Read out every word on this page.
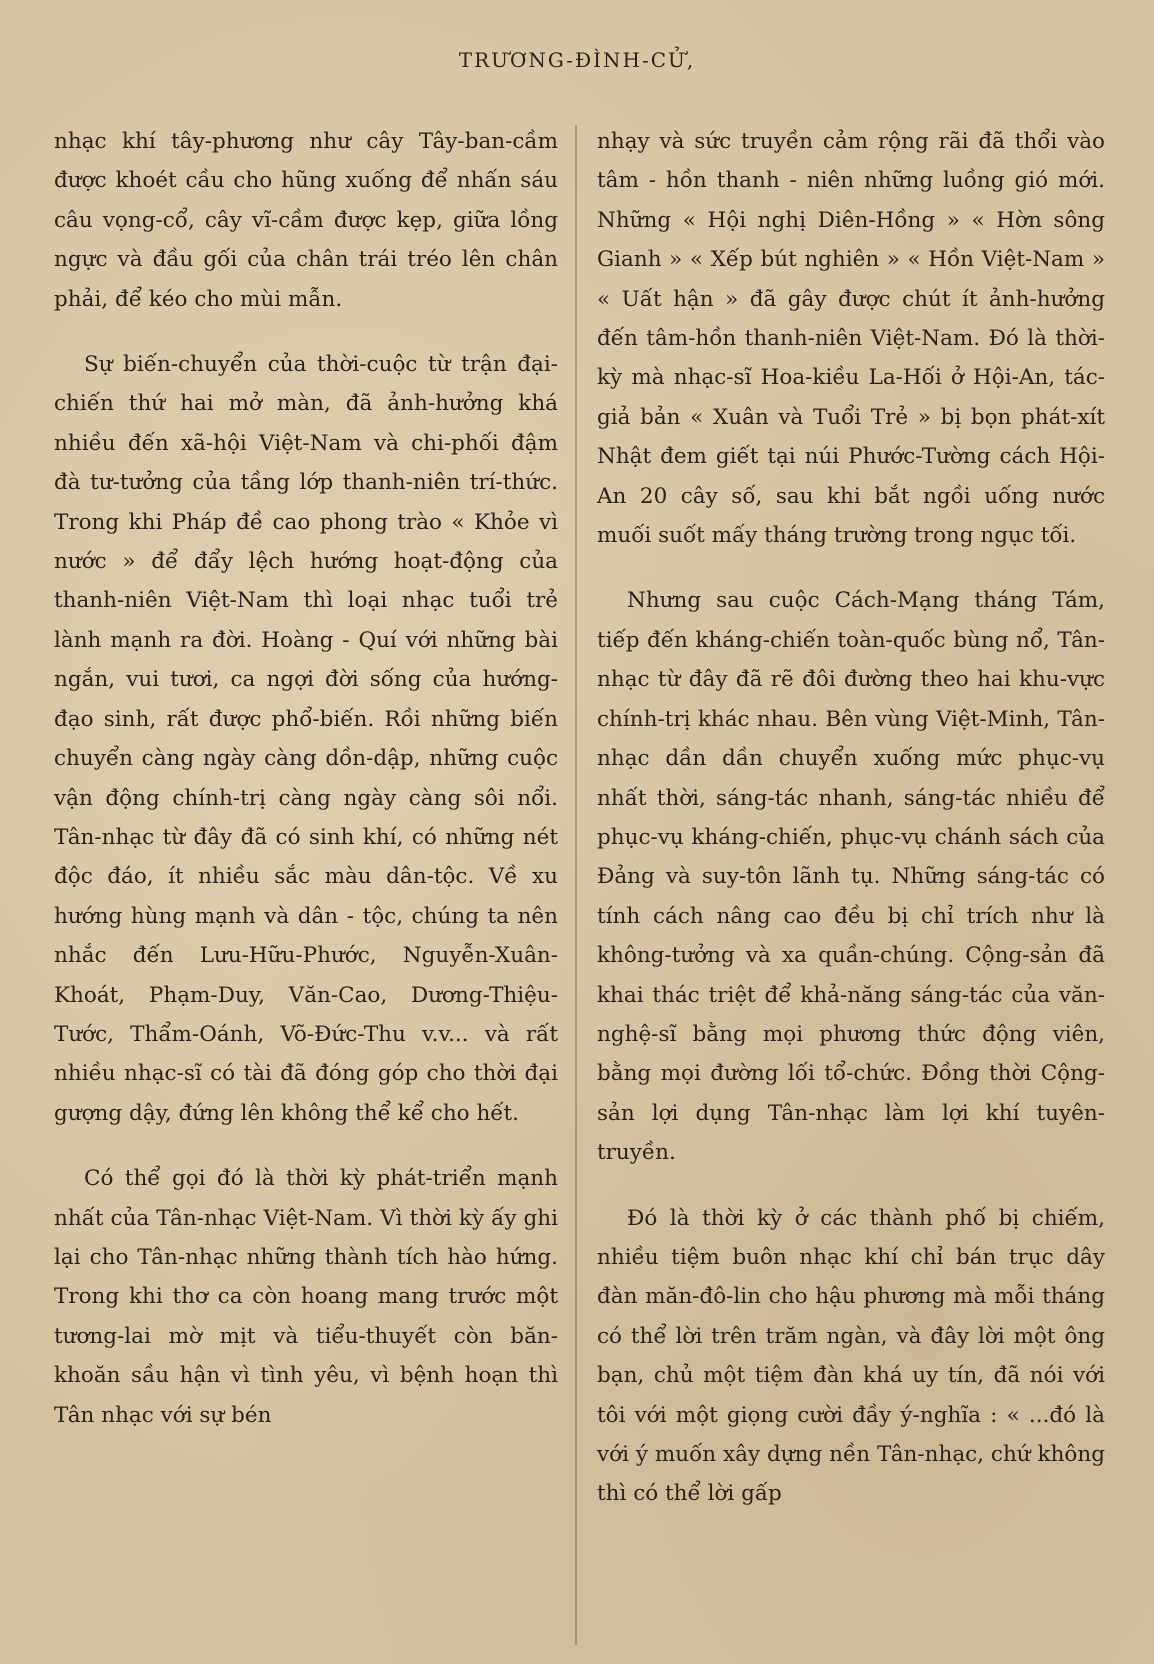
TRƯƠNG-ĐÌNH-CỬ,

nhạc khí tây-phương như cây Tây-ban-cầm được khoét cầu cho hũng xuống để nhấn sáu câu vọng-cổ, cây vĩ-cầm được kẹp, giữa lồng ngực và đầu gối của chân trái tréo lên chân phải, để kéo cho mùi mẫn.

Sự biến-chuyển của thời-cuộc từ trận đại-chiến thứ hai mở màn, đã ảnh-hưởng khá nhiều đến xã-hội Việt-Nam và chi-phối đậm đà tư-tưởng của tầng lớp thanh-niên trí-thức. Trong khi Pháp đề cao phong trào « Khỏe vì nước » để đẩy lệch hướng hoạt-động của thanh-niên Việt-Nam thì loại nhạc tuổi trẻ lành mạnh ra đời. Hoàng - Quí với những bài ngắn, vui tươi, ca ngợi đời sống của hướng-đạo sinh, rất được phổ-biến. Rồi những biến chuyển càng ngày càng dồn-dập, những cuộc vận động chính-trị càng ngày càng sôi nổi. Tân-nhạc từ đây đã có sinh khí, có những nét độc đáo, ít nhiều sắc màu dân-tộc. Về xu hướng hùng mạnh và dân - tộc, chúng ta nên nhắc đến Lưu-Hữu-Phước, Nguyễn-Xuân-Khoát, Phạm-Duy, Văn-Cao, Dương-Thiệu-Tước, Thẩm-Oánh, Võ-Đức-Thu v.v... và rất nhiều nhạc-sĩ có tài đã đóng góp cho thời đại gượng dậy, đứng lên không thể kể cho hết.

Có thể gọi đó là thời kỳ phát-triển mạnh nhất của Tân-nhạc Việt-Nam. Vì thời kỳ ấy ghi lại cho Tân-nhạc những thành tích hào hứng. Trong khi thơ ca còn hoang mang trước một tương-lai mờ mịt và tiểu-thuyết còn băn-khoăn sầu hận vì tình yêu, vì bệnh hoạn thì Tân nhạc với sự bén

nhạy và sức truyền cảm rộng rãi đã thổi vào tâm - hồn thanh - niên những luồng gió mới. Những « Hội nghị Diên-Hồng » « Hờn sông Gianh » « Xếp bút nghiên » « Hồn Việt-Nam » « Uất hận » đã gây được chút ít ảnh-hưởng đến tâm-hồn thanh-niên Việt-Nam. Đó là thời-kỳ mà nhạc-sĩ Hoa-kiều La-Hối ở Hội-An, tác-giả bản « Xuân và Tuổi Trẻ » bị bọn phát-xít Nhật đem giết tại núi Phước-Tường cách Hội-An 20 cây số, sau khi bắt ngồi uống nước muối suốt mấy tháng trường trong ngục tối.

Nhưng sau cuộc Cách-Mạng tháng Tám, tiếp đến kháng-chiến toàn-quốc bùng nổ, Tân-nhạc từ đây đã rẽ đôi đường theo hai khu-vực chính-trị khác nhau. Bên vùng Việt-Minh, Tân-nhạc dần dần chuyển xuống mức phục-vụ nhất thời, sáng-tác nhanh, sáng-tác nhiều để phục-vụ kháng-chiến, phục-vụ chánh sách của Đảng và suy-tôn lãnh tụ. Những sáng-tác có tính cách nâng cao đều bị chỉ trích như là không-tưởng và xa quần-chúng. Cộng-sản đã khai thác triệt để khả-năng sáng-tác của văn-nghệ-sĩ bằng mọi phương thức động viên, bằng mọi đường lối tổ-chức. Đồng thời Cộng-sản lợi dụng Tân-nhạc làm lợi khí tuyên-truyền.

Đó là thời kỳ ở các thành phố bị chiếm, nhiều tiệm buôn nhạc khí chỉ bán trục dây đàn măn-đô-lin cho hậu phương mà mỗi tháng có thể lời trên trăm ngàn, và đây lời một ông bạn, chủ một tiệm đàn khá uy tín, đã nói với tôi với một giọng cười đầy ý-nghĩa : « ...đó là với ý muốn xây dựng nền Tân-nhạc, chứ không thì có thể lời gấp
